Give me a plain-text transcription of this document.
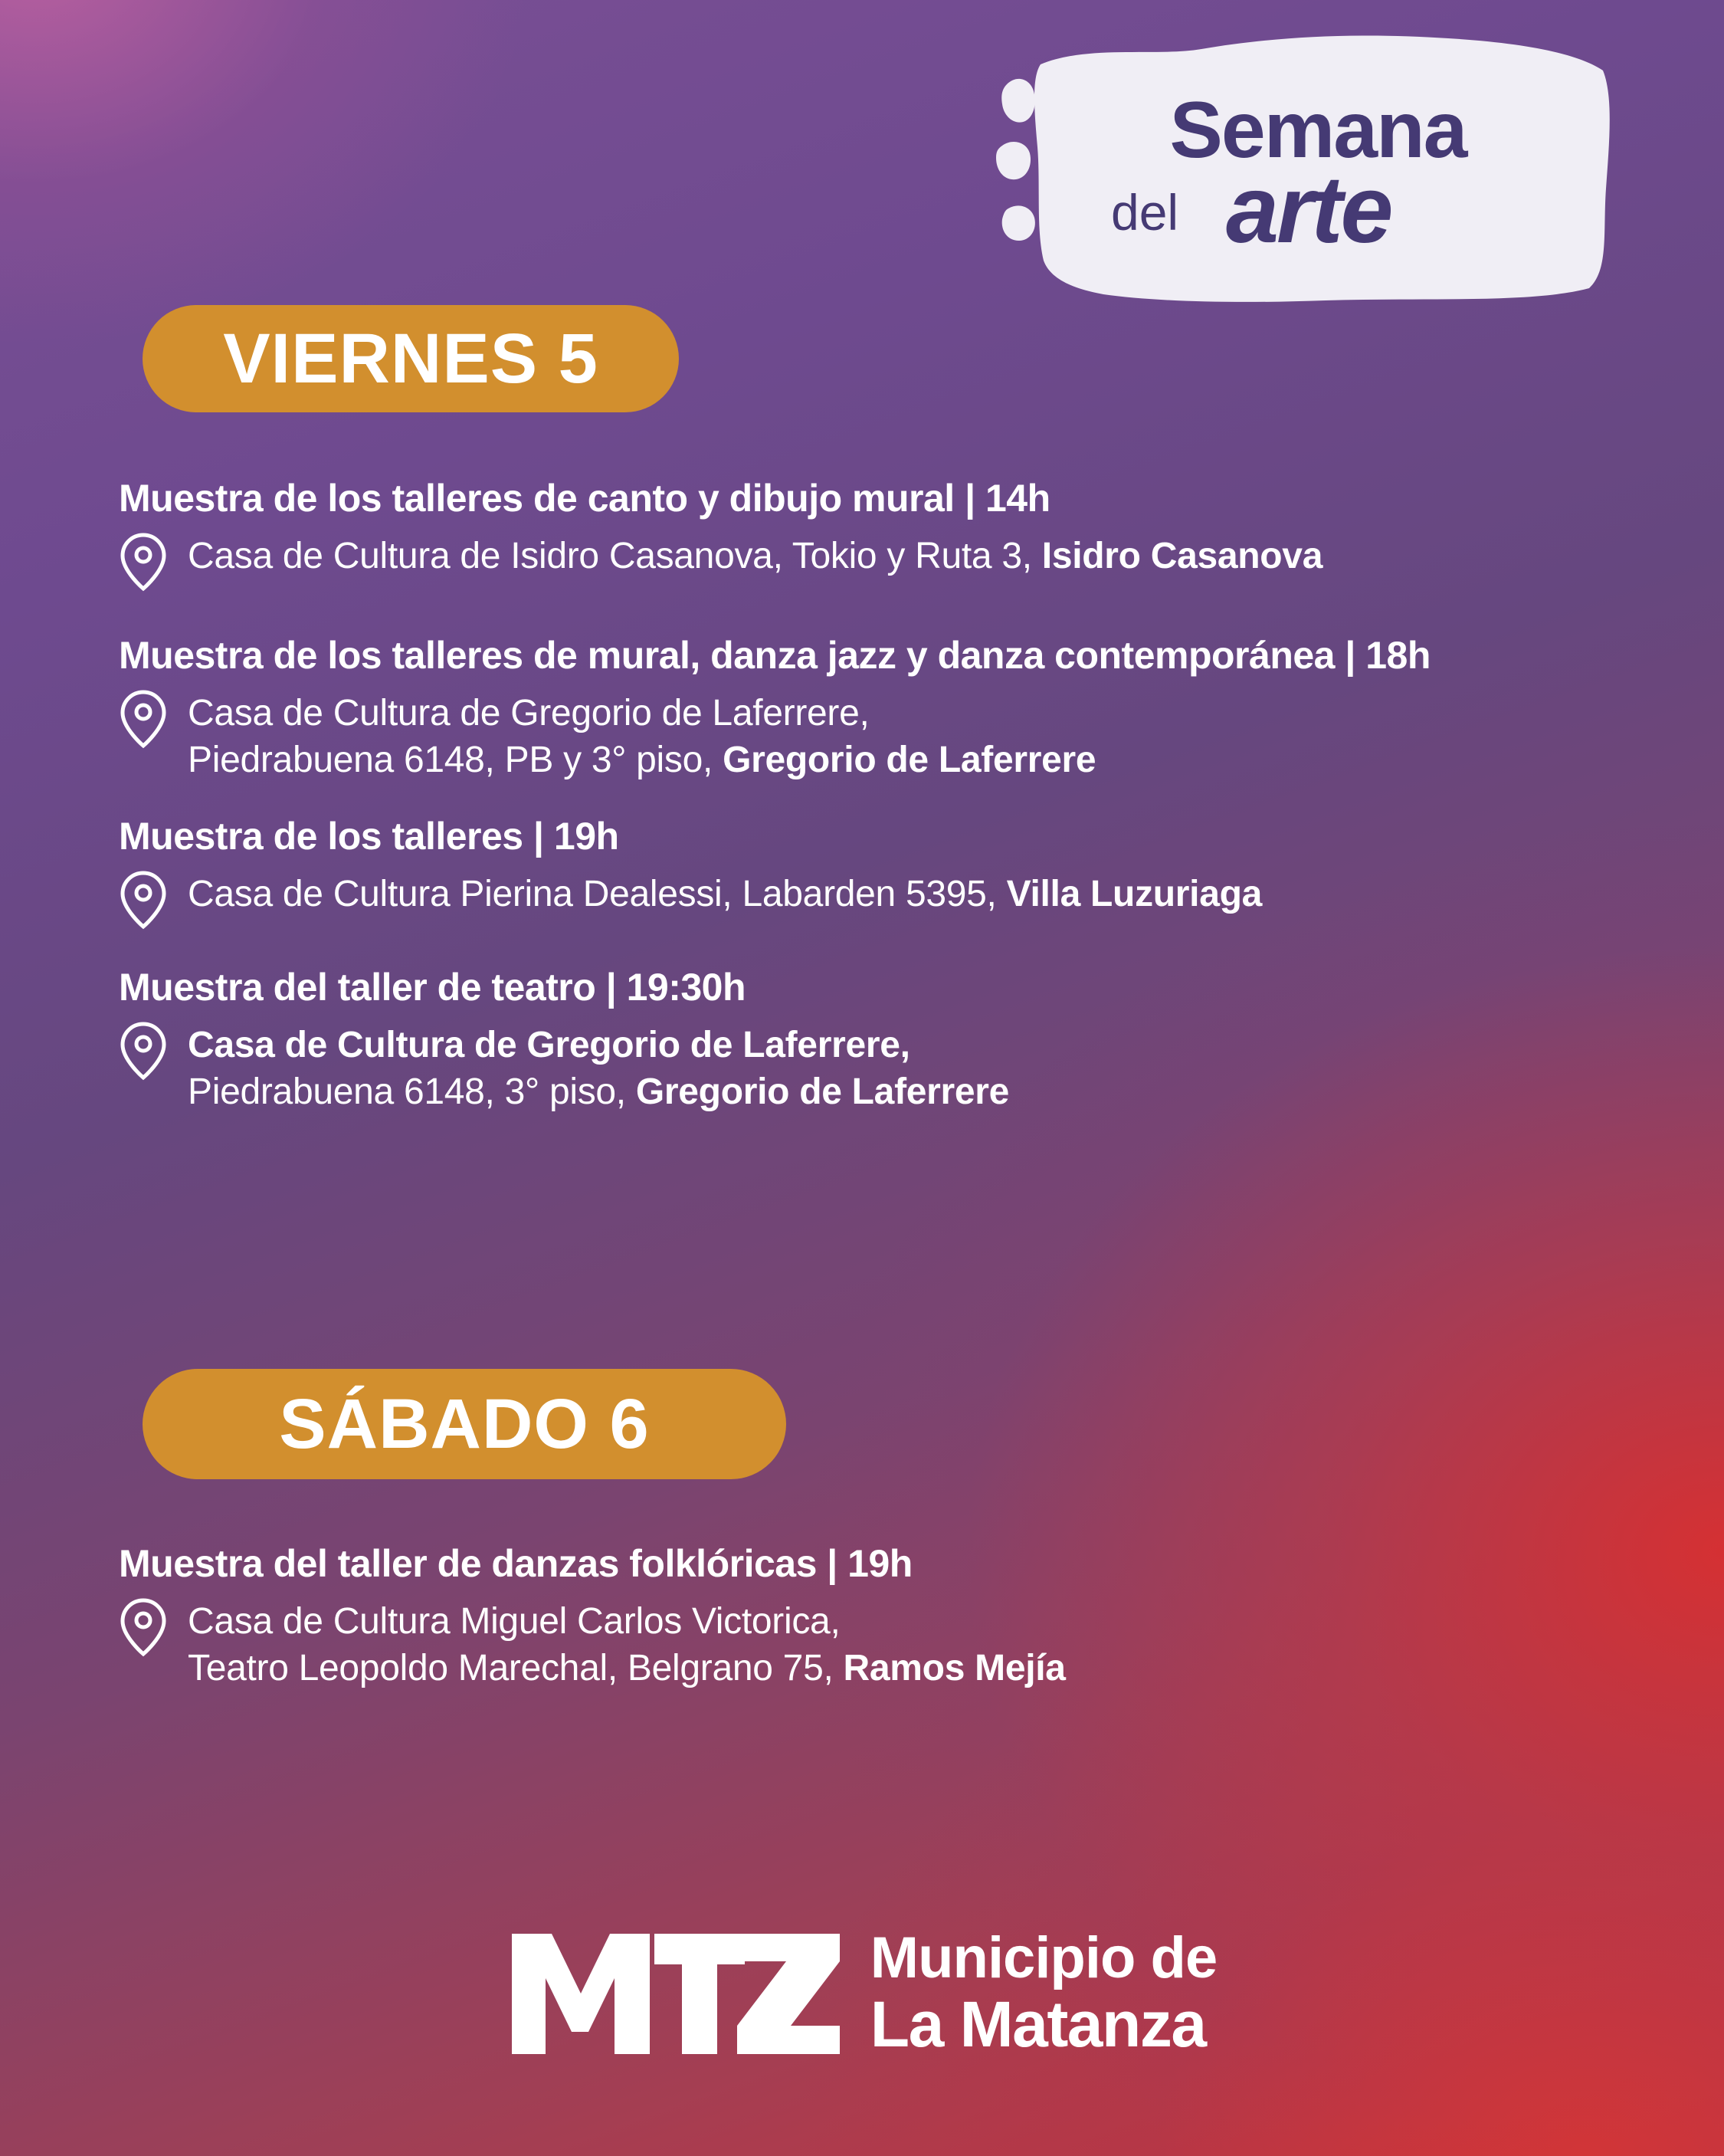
Semana
del arte
VIERNES 5
Muestra de los talleres de canto y dibujo mural | 14h
Casa de Cultura de Isidro Casanova, Tokio y Ruta 3, Isidro Casanova
Muestra de los talleres de mural, danza jazz y danza contemporánea | 18h
Casa de Cultura de Gregorio de Laferrere,
Piedrabuena 6148, PB y 3° piso, Gregorio de Laferrere
Muestra de los talleres | 19h
Casa de Cultura Pierina Dealessi, Labarden 5395, Villa Luzuriaga
Muestra del taller de teatro | 19:30h
Casa de Cultura de Gregorio de Laferrere,
Piedrabuena 6148, 3° piso, Gregorio de Laferrere
SÁBADO 6
Muestra del taller de danzas folklóricas | 19h
Casa de Cultura Miguel Carlos Victorica,
Teatro Leopoldo Marechal, Belgrano 75, Ramos Mejía
Municipio de
La Matanza
